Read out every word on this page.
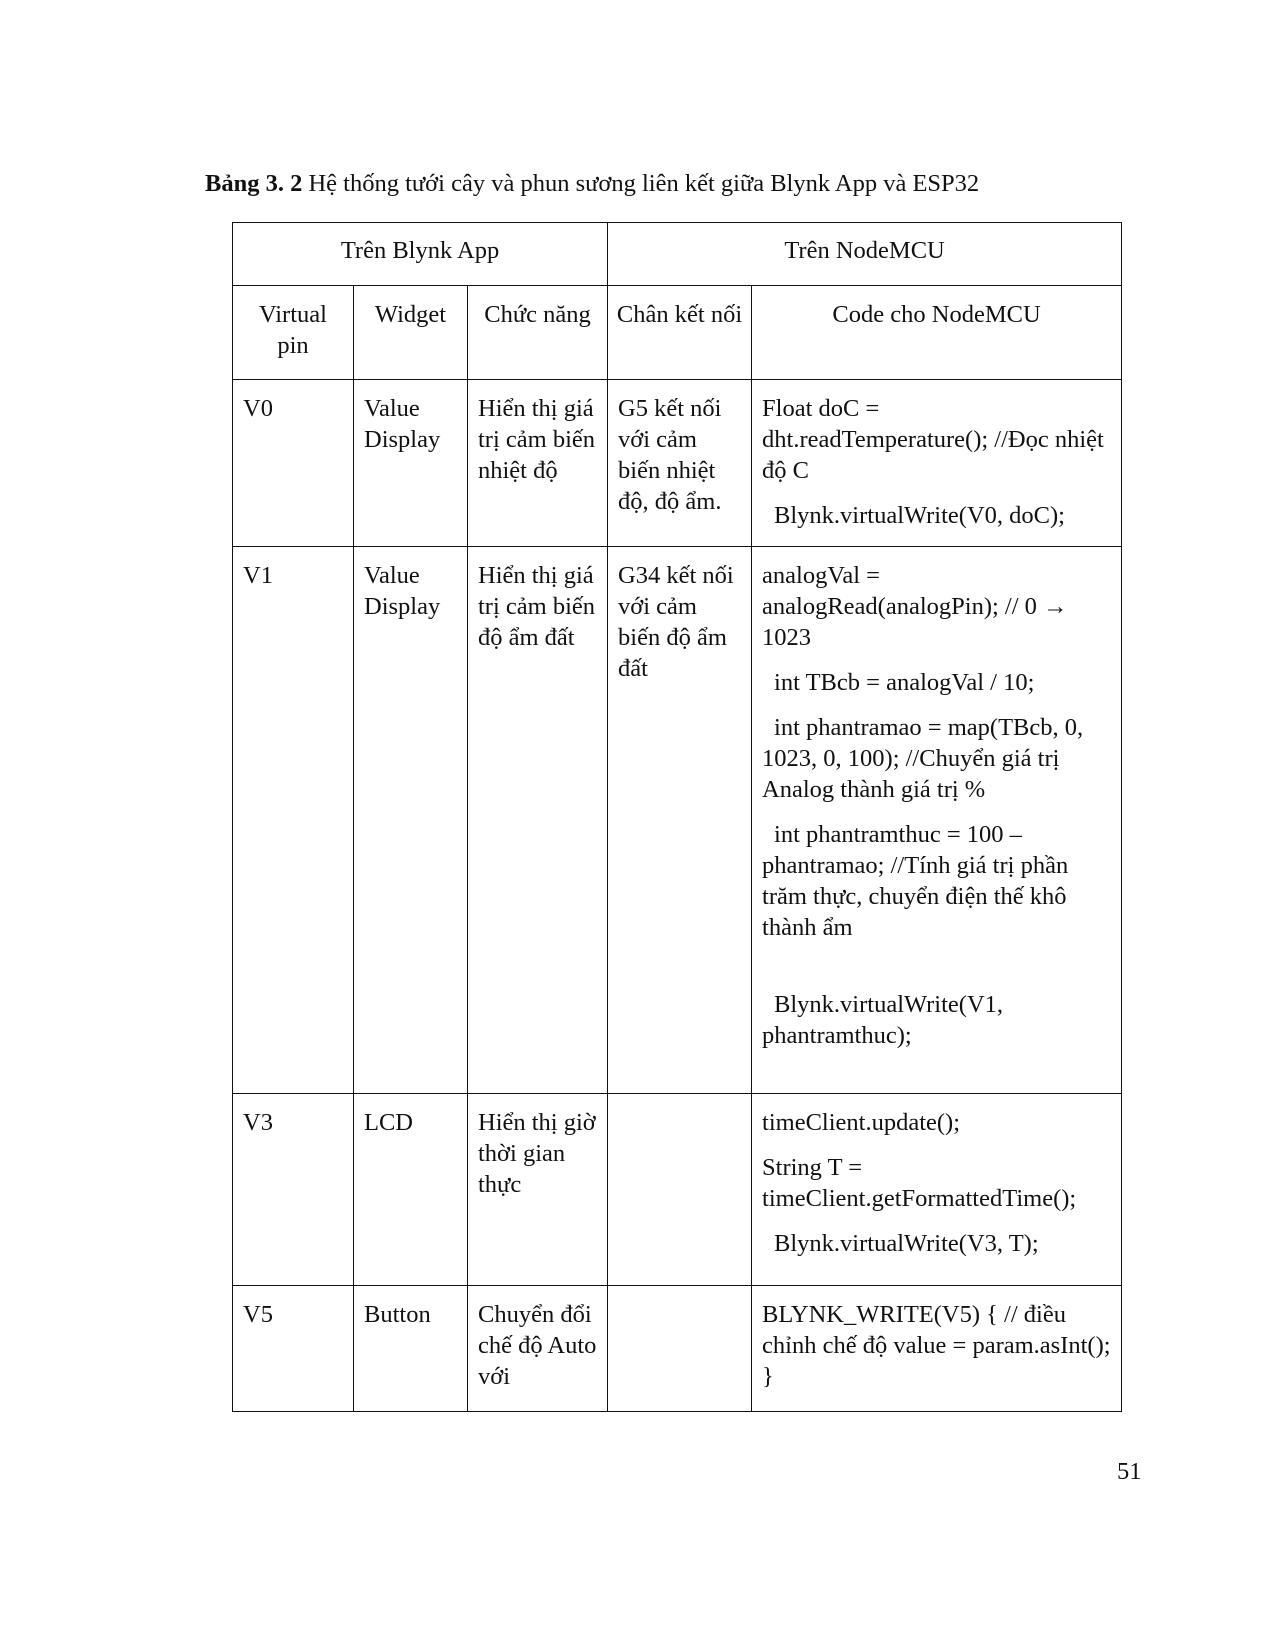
Bảng 3. 2 Hệ thống tưới cây và phun sương liên kết giữa Blynk App và ESP32
Trên Blynk App			Trên NodeMCU	
Virtual pin	Widget	Chức năng	Chân kết nối	Code cho NodeMCU
V0	Value Display	Hiển thị giá trị cảm biến nhiệt độ	G5 kết nối với cảm biến nhiệt độ, độ ẩm.	Float doC = dht.readTemperature(); //Đọc nhiệt độ C

Blynk.virtualWrite(V0, doC);

V1	Value Display	Hiển thị giá trị cảm biến độ ẩm đất	G34 kết nối với cảm biến độ ẩm đất	analogVal = analogRead(analogPin); // 0 → 1023

int TBcb = analogVal / 10;

int phantramao = map(TBcb, 0, 1023, 0, 100); //Chuyển giá trị Analog thành giá trị %

int phantramthuc = 100 – phantramao; //Tính giá trị phần trăm thực, chuyển điện thế khô thành ẩm

Blynk.virtualWrite(V1, phantramthuc);

V3	LCD	Hiển thị giờ thời gian thực		timeClient.update();

String T = timeClient.getFormattedTime();

Blynk.virtualWrite(V3, T);

V5	Button	Chuyển đổi chế độ Auto với		BLYNK_WRITE(V5) { // điều chỉnh chế độ value = param.asInt(); }

51
